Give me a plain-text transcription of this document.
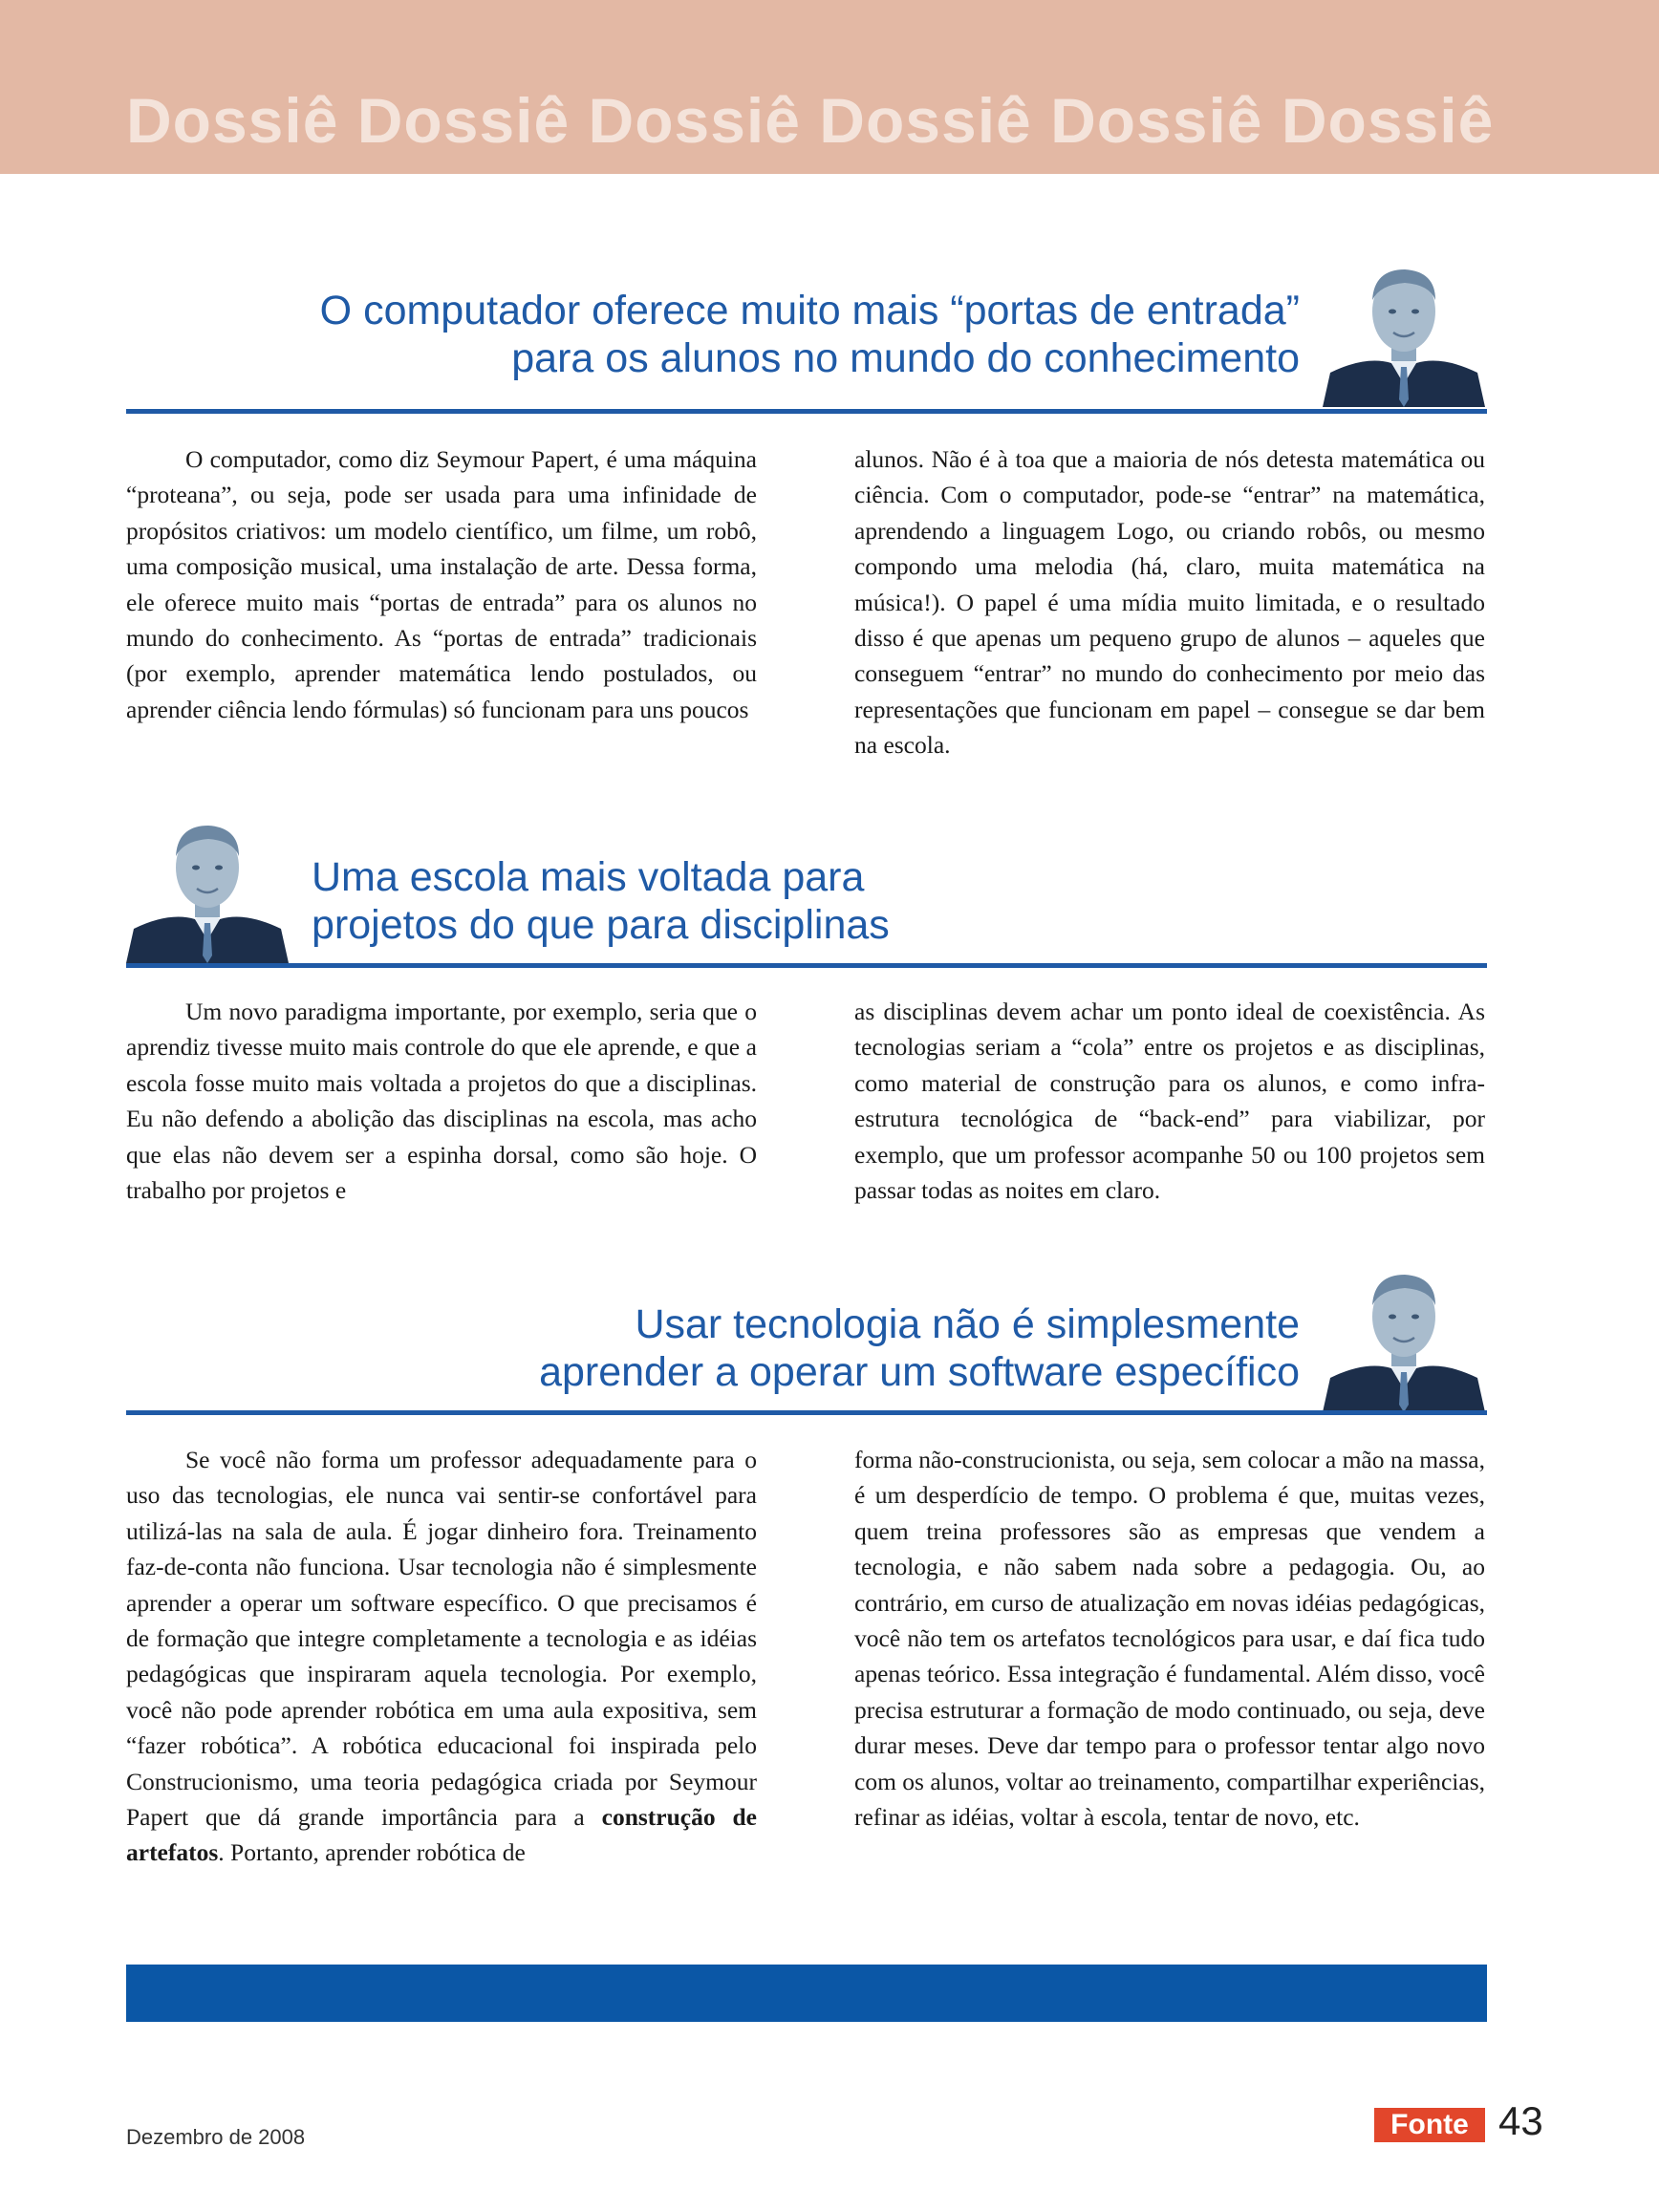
Dossiê Dossiê Dossiê Dossiê Dossiê Dossiê
O computador oferece muito mais “portas de entrada”
para os alunos no mundo do conhecimento

O computador, como diz Seymour Papert, é uma máquina “proteana”, ou seja, pode ser usada para uma infinidade de propósitos criativos: um modelo científico, um filme, um robô, uma composição musical, uma instalação de arte. Dessa forma, ele oferece muito mais “portas de entrada” para os alunos no mundo do conhecimento. As “portas de entrada” tradicionais (por exemplo, aprender matemática lendo postulados, ou aprender ciência lendo fórmulas) só funcionam para uns poucos

alunos. Não é à toa que a maioria de nós detesta matemática ou ciência. Com o computador, pode-se “entrar” na matemática, aprendendo a linguagem Logo, ou criando robôs, ou mesmo compondo uma melodia (há, claro, muita matemática na música!). O papel é uma mídia muito limitada, e o resultado disso é que apenas um pequeno grupo de alunos – aqueles que conseguem “entrar” no mundo do conhecimento por meio das representações que funcionam em papel – consegue se dar bem na escola.

Uma escola mais voltada para
projetos do que para disciplinas

Um novo paradigma importante, por exemplo, seria que o aprendiz tivesse muito mais controle do que ele aprende, e que a escola fosse muito mais voltada a projetos do que a disciplinas. Eu não defendo a abolição das disciplinas na escola, mas acho que elas não devem ser a espinha dorsal, como são hoje. O trabalho por projetos e

as disciplinas devem achar um ponto ideal de coexistência. As tecnologias seriam a “cola” entre os projetos e as disciplinas, como material de construção para os alunos, e como infra-estrutura tecnológica de “back-end” para viabilizar, por exemplo, que um professor acompanhe 50 ou 100 projetos sem passar todas as noites em claro.

Usar tecnologia não é simplesmente
aprender a operar um software específico

Se você não forma um professor adequadamente para o uso das tecnologias, ele nunca vai sentir-se confortável para utilizá-las na sala de aula. É jogar dinheiro fora. Treinamento faz-de-conta não funciona. Usar tecnologia não é simplesmente aprender a operar um software específico. O que precisamos é de formação que integre completamente a tecnologia e as idéias pedagógicas que inspiraram aquela tecnologia. Por exemplo, você não pode aprender robótica em uma aula expositiva, sem “fazer robótica”. A robótica educacional foi inspirada pelo Construcionismo, uma teoria pedagógica criada por Seymour Papert que dá grande importância para a construção de artefatos. Portanto, aprender robótica de

forma não-construcionista, ou seja, sem colocar a mão na massa, é um desperdício de tempo. O problema é que, muitas vezes, quem treina professores são as empresas que vendem a tecnologia, e não sabem nada sobre a pedagogia. Ou, ao contrário, em curso de atualização em novas idéias pedagógicas, você não tem os artefatos tecnológicos para usar, e daí fica tudo apenas teórico. Essa integração é fundamental. Além disso, você precisa estruturar a formação de modo continuado, ou seja, deve durar meses. Deve dar tempo para o professor tentar algo novo com os alunos, voltar ao treinamento, compartilhar experiências, refinar as idéias, voltar à escola, tentar de novo, etc.

Dezembro de 2008	Fonte 43
